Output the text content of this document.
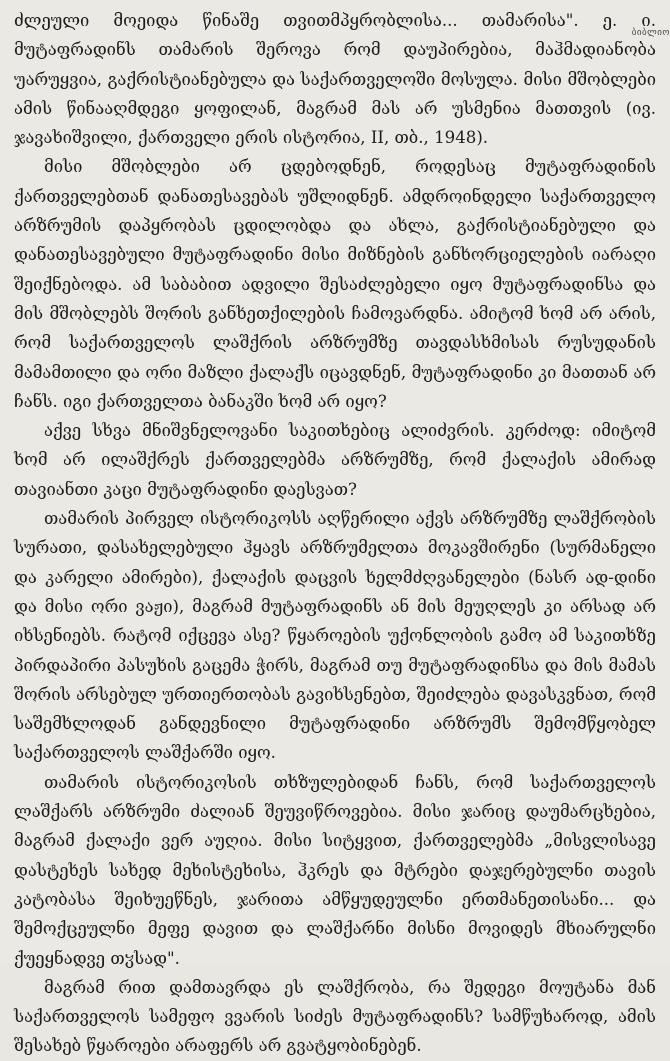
ბიბლიო

ძლეული მოეიდა წინაშე თვითმპყრობლისა... თამარისა". ე. ი. მუტაფრადინს თამარის შეროვა რომ დაუპირებია, მაჰმადიანობა უარუყვია, გაქრისტიანებულა და საქართველოში მოსულა. მისი მშობლები ამის წინააღმდეგი ყოფილან, მაგრამ მას არ უსმენია მათთვის (ივ. ჯავახიშვილი, ქართველი ერის ისტორია, II, თბ., 1948).

მისი მშობლები არ ცდებოდნენ, როდესაც მუტაფრადინის ქართველებთან დანათესავებას უშლიდნენ. ამდროინდელი საქართველო არზრუმის დაპყრობას ცდილობდა და ახლა, გაქრისტიანებული და დანათესავებული მუტაფრადინი მისი მიზნების განხორციელების იარაღი შეიქნებოდა. ამ საბაბით ადვილი შესაძლებელი იყო მუტაფრადინსა და მის მშობლებს შორის განხეთქილების ჩამოვარდნა. ამიტომ ხომ არ არის, რომ საქართველოს ლაშქრის არზრუმზე თავდასხმისას რუსუდანის მამამთილი და ორი მაზლი ქალაქს იცავდნენ, მუტაფრადინი კი მათთან არ ჩანს. იგი ქართველთა ბანაკში ხომ არ იყო?

აქვე სხვა მნიშვნელოვანი საკითხებიც ალიძვრის. კერძოდ: იმიტომ ხომ არ ილაშქრეს ქართველებმა არზრუმზე, რომ ქალაქის ამირად თავიანთი კაცი მუტაფრადინი დაესვათ?

თამარის პირველ ისტორიკოსს აღწერილი აქვს არზრუმზე ლაშქრობის სურათი, დასახელებული ჰყავს არზრუმელთა მოკავშირენი (სურმანელი და კარელი ამირები), ქალაქის დაცვის ხელმძღვანელები (ნასრ ად-დინი და მისი ორი ვაჟი), მაგრამ მუტაფრადინს ან მის მეუღლეს კი არსად არ იხსენიებს. რატომ იქცევა ასე? წყაროების უქონლობის გამო ამ საკითხზე პირდაპირი პასუხის გაცემა ჭირს, მაგრამ თუ მუტაფრადინსა და მის მამას შორის არსებულ ურთიერთობას გავიხსენებთ, შეიძლება დავასკვნათ, რომ საშემხლოდან განდევნილი მუტაფრადინი არზრუმს შემომწყობელ საქართველოს ლაშქარში იყო.

თამარის ისტორიკოსის თხზულებიდან ჩანს, რომ საქართველოს ლაშქარს არზრუმი ძალიან შეუვიწროვებია. მისი ჯარიც დაუმარცხებია, მაგრამ ქალაქი ვერ აუღია. მისი სიტყვით, ქართველებმა „მისვლისავე დასტეხეს სახედ მეხისტეხისა, ჰკრეს და მტრები დაჯერებულნი თავის კატობასა შეიხუეწნეს, ჯარითა ამწყუდეულნი ერთმანეთისანი... და შემოქცეულნი მეფე დავით და ლაშქარნი მისნი მოვიდეს მხიარულნი ქუეყნადვე თჳსად".

მაგრამ რით დამთავრდა ეს ლაშქრობა, რა შედეგი მოუტანა მან საქართველოს სამეფო ვვარის სიძეს მუტაფრადინს? სამწუხაროდ, ამის შესახებ წყაროები არაფერს არ გვატყობინებენ.
